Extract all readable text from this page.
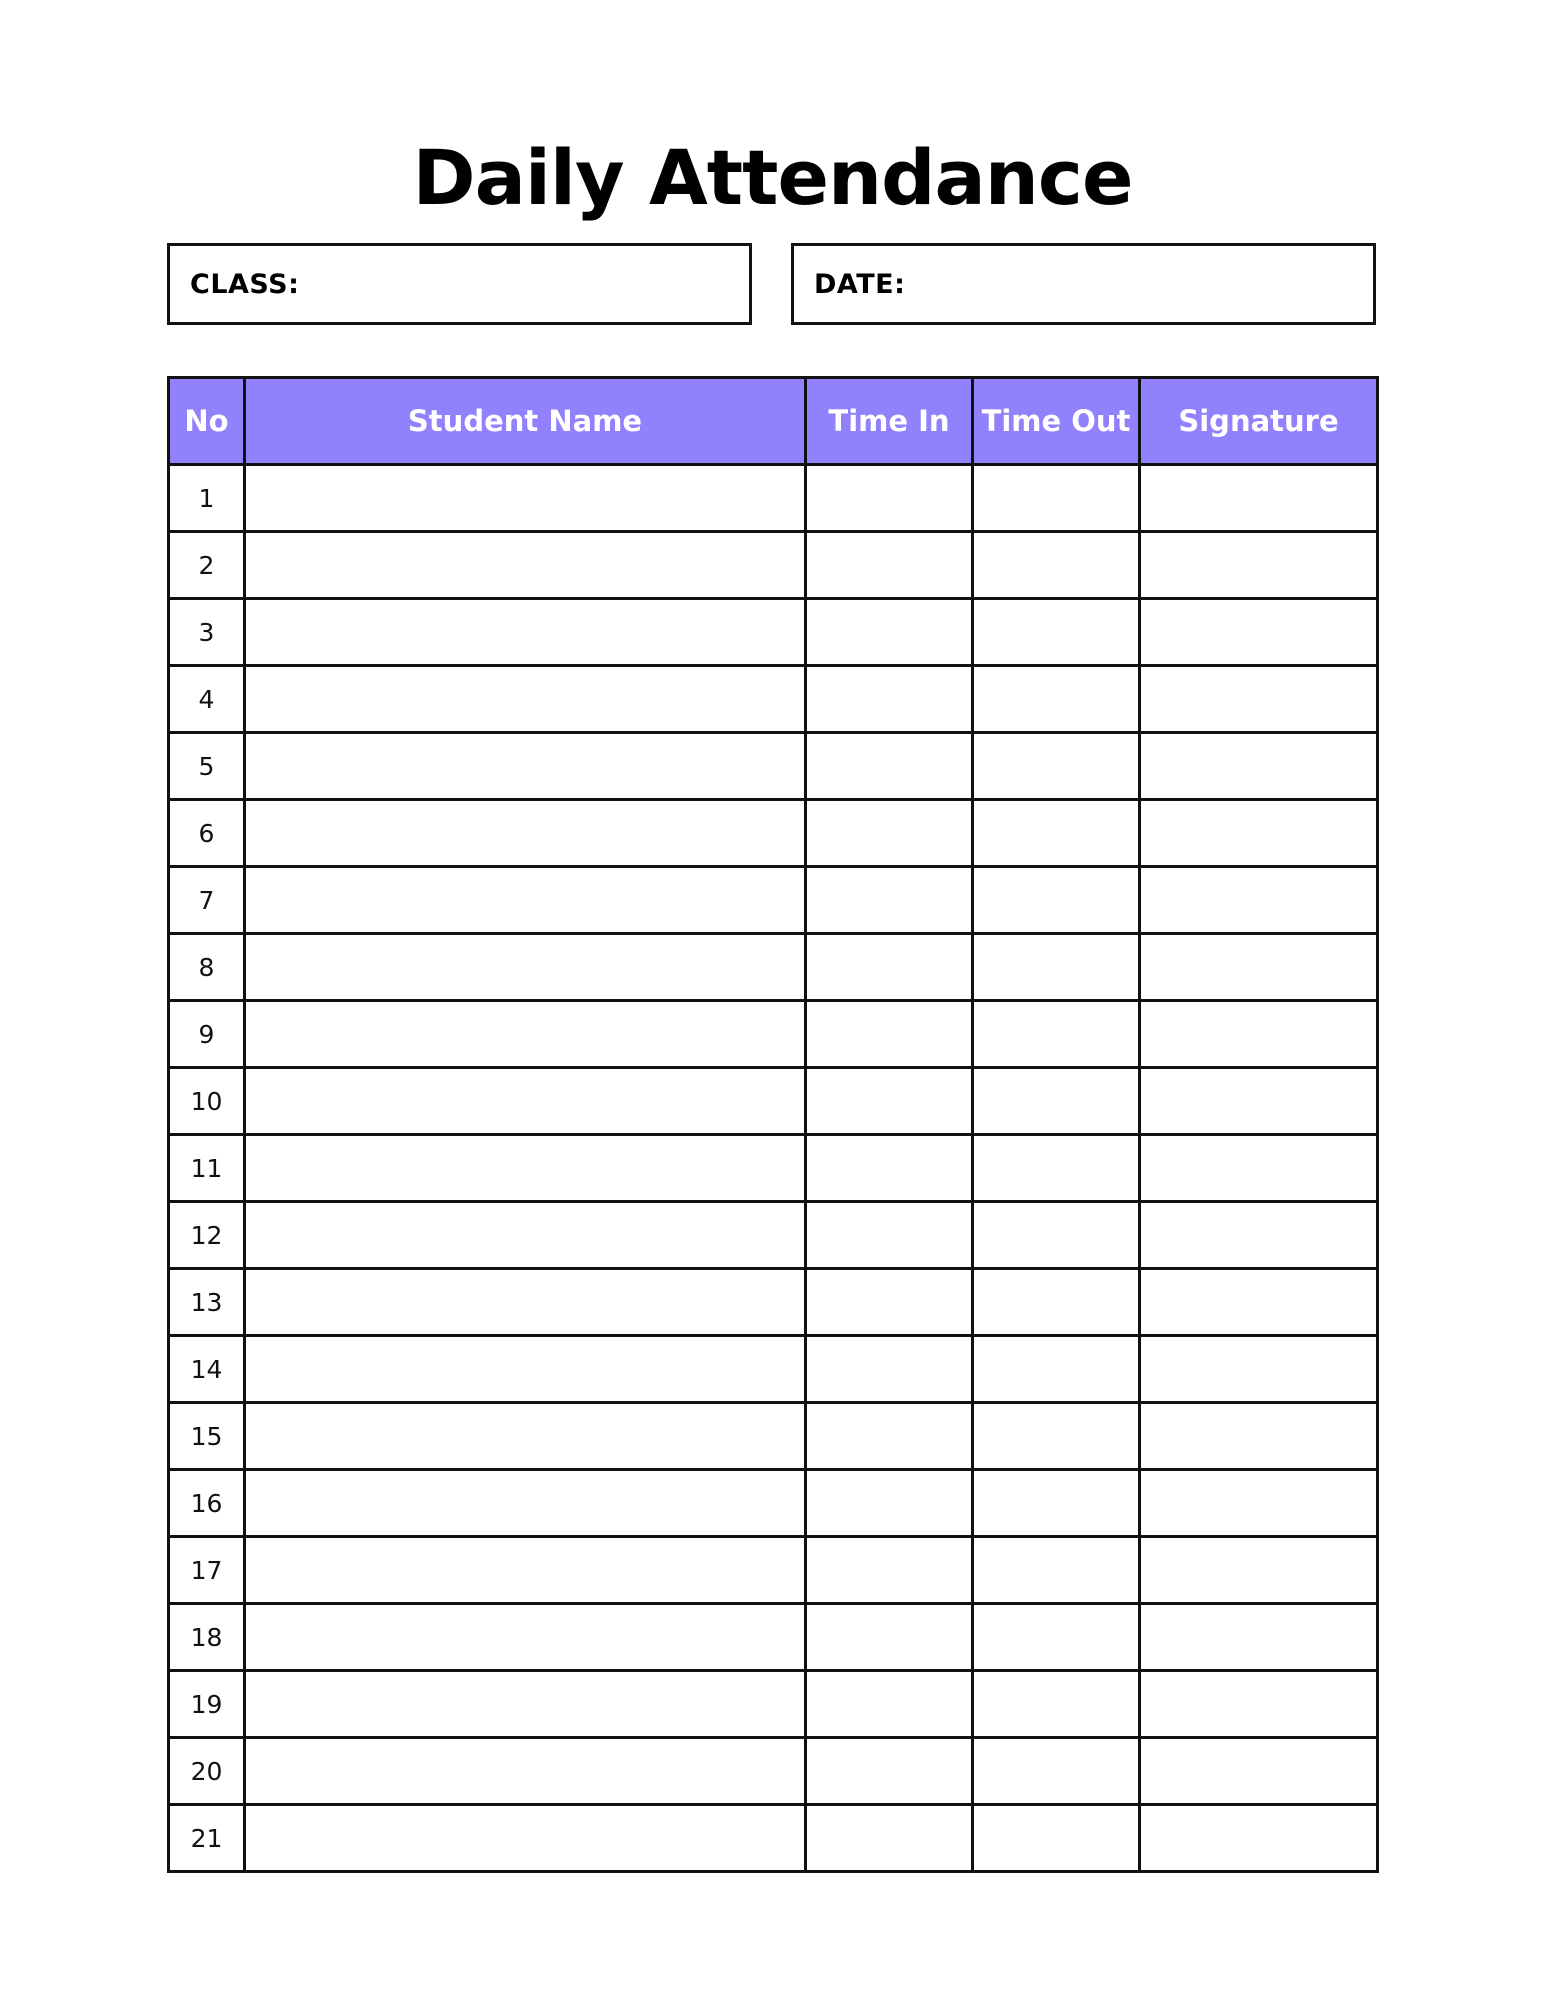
Daily Attendance
CLASS:	DATE:
No	Student Name	Time In	Time Out	Signature
1				
2				
3				
4				
5				
6				
7				
8				
9				
10				
11				
12				
13				
14				
15				
16				
17				
18				
19				
20				
21				
